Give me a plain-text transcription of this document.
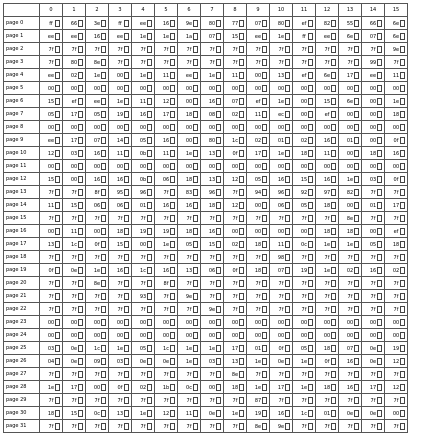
	0	1	2	3	4	5	6	7	8	9	10	11	12	13	14	15
page 0	ff	66	3e	ff	ee	16	9e	80	77	07	80	ef	82	55	66	6e

page 1	ee	ee	16	ee	1e	1e	1a	07	15	ee	1e	ff	ee	6e	07	6e

page 2	7f	7f	7f	7f	7f	7f	7f	7f	7f	7f	7f	7f	7f	7f	7f	9e

page 3	7f	80	8e	7f	7f	7f	7f	7f	7f	7f	7f	7f	7f	7f	99	7f

page 4	ee	02	1e	00	1e	11	ee	1e	11	00	13	ef	6e	17	ee	11

page 5	00	00	00	00	00	00	00	00	00	00	00	00	00	00	00	00

page 6	15	ef	ee	1e	11	12	00	16	07	ef	1e	00	15	6e	00	1e

page 7	05	17	05	19	16	17	18	08	02	11	ec	00	ef	00	00	18

page 8	00	00	00	00	00	00	00	00	00	00	00	00	00	00	00	00

page 9	ee	17	07	14	05	16	00	80	1c	02	01	02	16	01	00	0f

page 10	12	03	16	11	0b	11	1e	13	0f	17	1e	18	11	00	18	16

page 11	00	00	00	00	00	00	00	00	00	00	00	00	00	00	00	00

page 12	15	00	16	16	0b	06	18	13	12	05	16	15	16	1e	03	0f

page 13	7f	7f	8f	95	96	7f	83	96	7f	94	96	92	97	82	7f	7f

page 14	11	15	06	06	01	16	16	18	12	00	06	05	18	00	01	17

page 15	7f	7f	7f	7f	7f	7f	7f	7f	7f	7f	7f	7f	7f	8e	7f	7f

page 16	00	11	00	18	19	19	18	16	00	00	00	00	18	18	00	ef

page 17	13	1c	0f	15	00	1e	05	15	02	18	11	0c	1e	1e	05	18

page 18	7f	7f	7f	7f	7f	7f	7f	7f	7f	7f	98	7f	7f	7f	7f	7f

page 19	0f	0e	1e	16	1c	16	13	06	0f	18	07	19	1e	02	16	02

page 20	7f	7f	8e	7f	7f	8f	7f	7f	7f	7f	7f	7f	7f	7f	7f	7f

page 21	7f	7f	7f	7f	93	7f	9e	7f	7f	7f	7f	7f	7f	7f	7f	7f

page 22	7f	7f	7f	7f	7f	7f	7f	9e	7f	7f	7f	7f	7f	7f	7f	7f

page 23	00	00	00	00	00	00	00	00	00	00	00	00	00	00	00	00

page 24	00	00	00	00	00	00	00	00	00	00	00	00	00	00	00	00

page 25	03	0e	1c	1e	05	1c	1e	1e	17	01	0f	05	18	07	0e	19

page 26	04	0e	09	03	0e	0e	1e	03	13	1e	0e	1e	0f	16	0e	12

page 27	7f	7f	7f	7f	7f	7f	7f	7f	8e	7f	7f	7f	7f	7f	7f	7f

page 28	1e	17	00	0f	02	1b	0c	00	18	1e	17	1e	18	16	17	12

page 29	7f	7f	7f	7f	7f	7f	7f	7f	7f	87	7f	7f	7f	7f	7f	7f

page 30	18	15	0c	13	1e	12	11	0e	1e	19	16	1c	01	0e	0e	00

page 31	7f	7f	7f	7f	7f	7f	7f	7f	7f	8e	9e	7f	7f	7f	7f	7f
